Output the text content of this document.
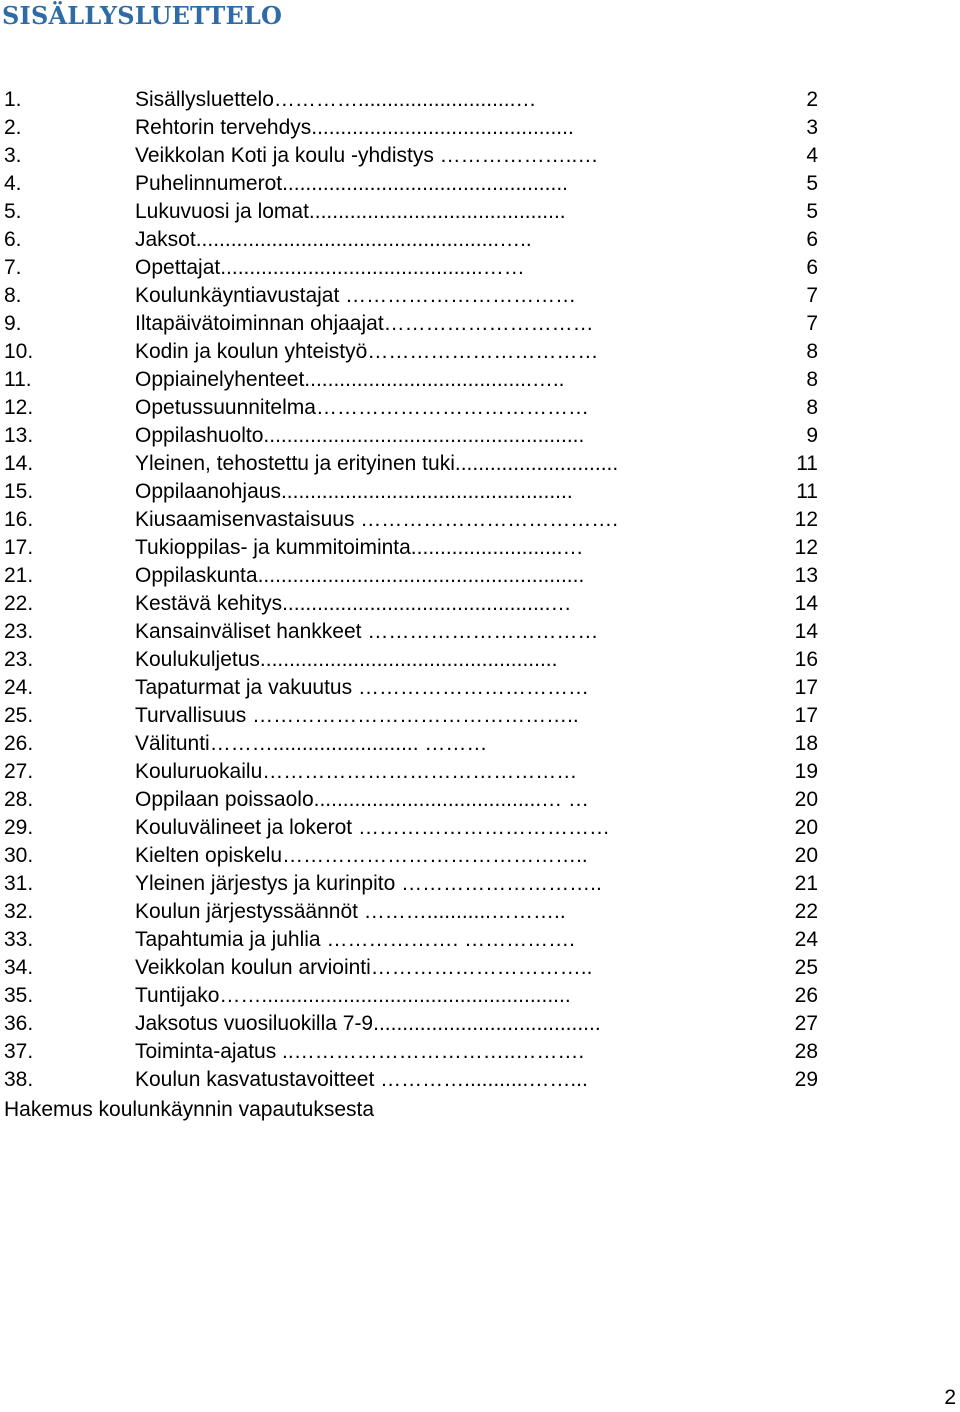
SISÄLLYSLUETTELO
1.	Sisällysluettelo…………...........................…	2
2.	Rehtorin tervehdys.............................................	3
3.	Veikkolan Koti ja koulu -yhdistys ………………..…	4
4.	Puhelinnumerot.................................................	5
5.	Lukuvuosi ja lomat............................................	5
6.	Jaksot....................................................…..	6
7.	Opettajat.............................................……	6
8.	Koulunkäyntiavustajat ……………………………	7
9.	Iltapäivätoiminnan ohjaajat…………………………	7
10.	Kodin ja koulun yhteistyö……………………………	8
11.	Oppiainelyhenteet.......................................…..	8
12.	Opetussuunnitelma…………………………………	8
13.	Oppilashuolto.......................................................	9
14.	Yleinen, tehostettu ja erityinen tuki............................	11
15.	Oppilaanohjaus..................................................	11
16.	Kiusaamisenvastaisuus ……………………………….	12
17.	Tukioppilas- ja kummitoiminta..........................…	12
21.	Oppilaskunta........................................................	13
22.	Kestävä kehitys..............................................…	14
23.	Kansainväliset hankkeet ……………………………	14
23.	Koulukuljetus...................................................	16
24.	Tapaturmat ja vakuutus ……………………………	17
25.	Turvallisuus ………………………………………..	17
26.	Välitunti………......................... ………	18
27.	Kouluruokailu………………………………………	19
28.	Oppilaan poissaolo.......................................… …	20
29.	Kouluvälineet ja lokerot ………………………………	20
30.	Kielten opiskelu……………………………………..	20
31.	Yleinen järjestys ja kurinpito ………………………..	21
32.	Koulun järjestyssäännöt ………...........………..	22
33.	Tapahtumia ja juhlia ………………. …………….	24
34.	Veikkolan koulun arviointi…………………………..	25
35.	Tuntijako…….....................................................	26
36.	Jaksotus vuosiluokilla 7-9.......................................	27
37.	Toiminta-ajatus ..…………………………..……….	28
38.	Koulun kasvatustavoitteet …………...........……...	29
Hakemus koulunkäynnin vapautuksesta
2
